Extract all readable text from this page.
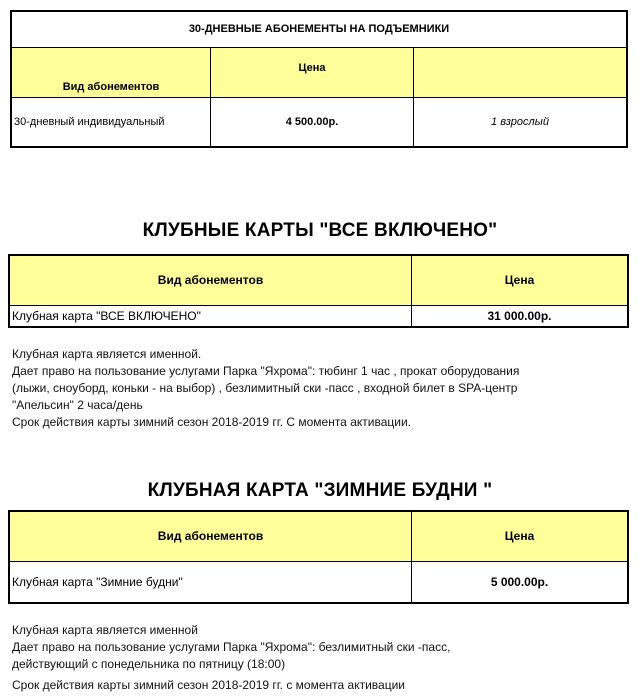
30-ДНЕВНЫЕ АБОНЕМЕНТЫ НА ПОДЪЕМНИКИ		
Вид абонементов	Цена	
30-дневный индивидуальный	4 500.00р.	1 взрослый
КЛУБНЫЕ КАРТЫ "ВСЕ ВКЛЮЧЕНО"
Вид абонементов	Цена
Клубная карта "ВСЕ ВКЛЮЧЕНО"	31 000.00р.
Клубная карта является именной.
Дает право на пользование услугами Парка "Яхрома": тюбинг 1 час , прокат оборудования
(лыжи, сноуборд, коньки - на выбор) , безлимитный ски -пасс , входной билет в SPA-центр
"Апельсин" 2 часа/день
Срок действия карты зимний сезон 2018-2019 гг. С момента активации.
КЛУБНАЯ КАРТА "ЗИМНИЕ БУДНИ "
Вид абонементов	Цена
Клубная карта "Зимние будни"	5 000.00р.
Клубная карта является именной
Дает право на пользование услугами Парка "Яхрома": безлимитный ски -пасс,
действующий с понедельника по пятницу (18:00)
Срок действия карты зимний сезон 2018-2019 гг. с момента активации
